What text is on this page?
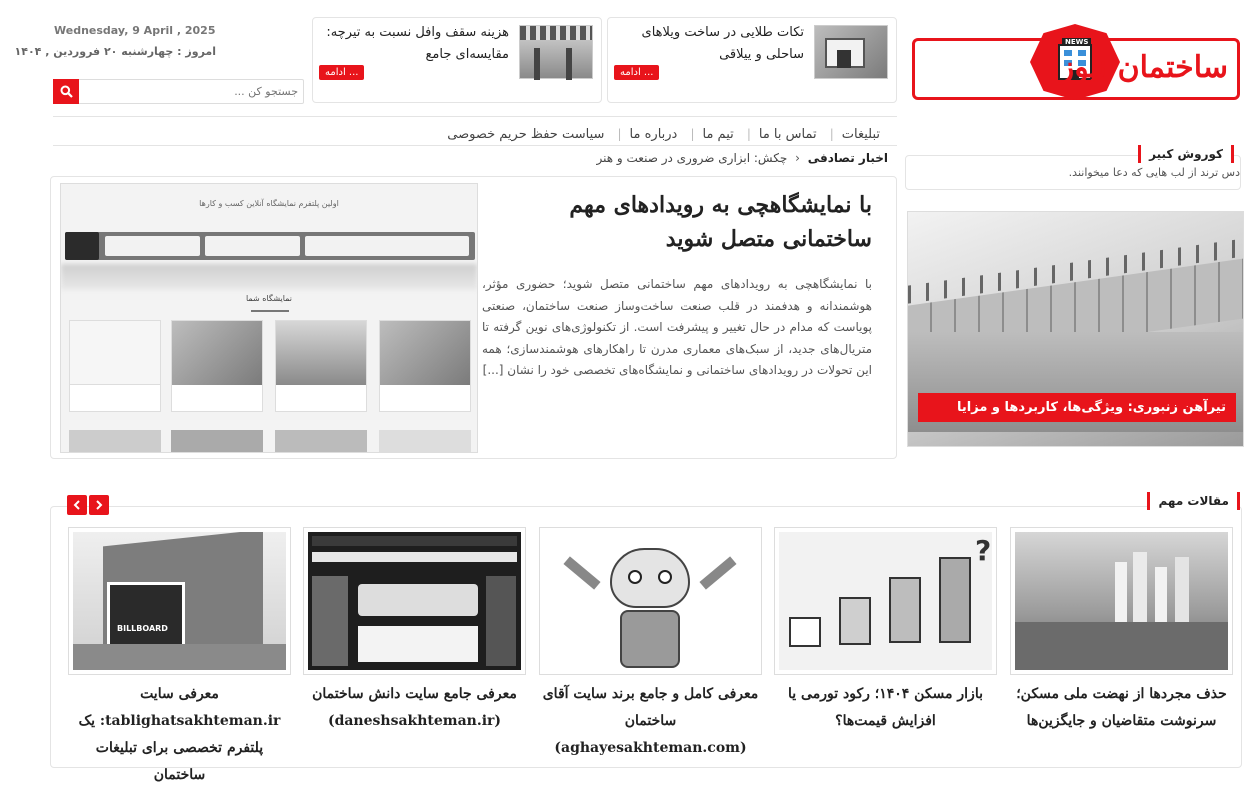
NEWS
ساختمان نیوز
تکات طلایی در ساخت ویلاهای ساحلی و ییلاقی
ادامه ...
هزینه سقف وافل نسبت به تیرچه: مقایسه‌ای جامع
ادامه ...
Wednesday, 9 April , 2025
امروز : چهارشنبه ۲۰ فروردین , ۱۴۰۴
جستجو کن ...
تبلیغات| تماس با ما| تیم ما| درباره ما| سیاست حفظ حریم خصوصی
اخبار تصادفی ‹ چکش: ابزاری ضروری در صنعت و هنر
با نمایشگاهچی به رویدادهای مهم ساختمانی متصل شوید
با نمایشگاهچی به رویدادهای مهم ساختمانی متصل شوید؛ حضوری مؤثر، هوشمندانه و هدفمند در قلب صنعت ساخت‌وساز صنعت ساختمان، صنعتی پویاست که مدام در حال تغییر و پیشرفت است. از تکنولوژی‌های نوین گرفته تا متریال‌های جدید، از سبک‌های معماری مدرن تا راهکارهای هوشمندسازی؛ همه این تحولات در رویدادهای ساختمانی و نمایشگاه‌های تخصصی خود را نشان [...]
اولین پلتفرم نمایشگاه آنلاین کسب و کارها
نمایشگاه شما
کوروش کبیر
دس ترند از لب هایی که دعا میخوانند.
تیرآهن زنبوری: ویژگی‌ها، کاربردها و مزایا
مقالات مهم
حذف مجردها از نهضت ملی مسکن؛ سرنوشت متقاضیان و جایگزین‌ها
?
بازار مسکن ۱۴۰۴؛ رکود تورمی یا افزایش قیمت‌ها؟
معرفی کامل و جامع برند سایت آقای ساختمان (aghayesakhteman.com)
معرفی جامع سایت دانش ساختمان (daneshsakhteman.ir)
BILLBOARD
معرفی سایت tablighatsakhteman.ir: یک پلتفرم تخصصی برای تبلیغات ساختمان
